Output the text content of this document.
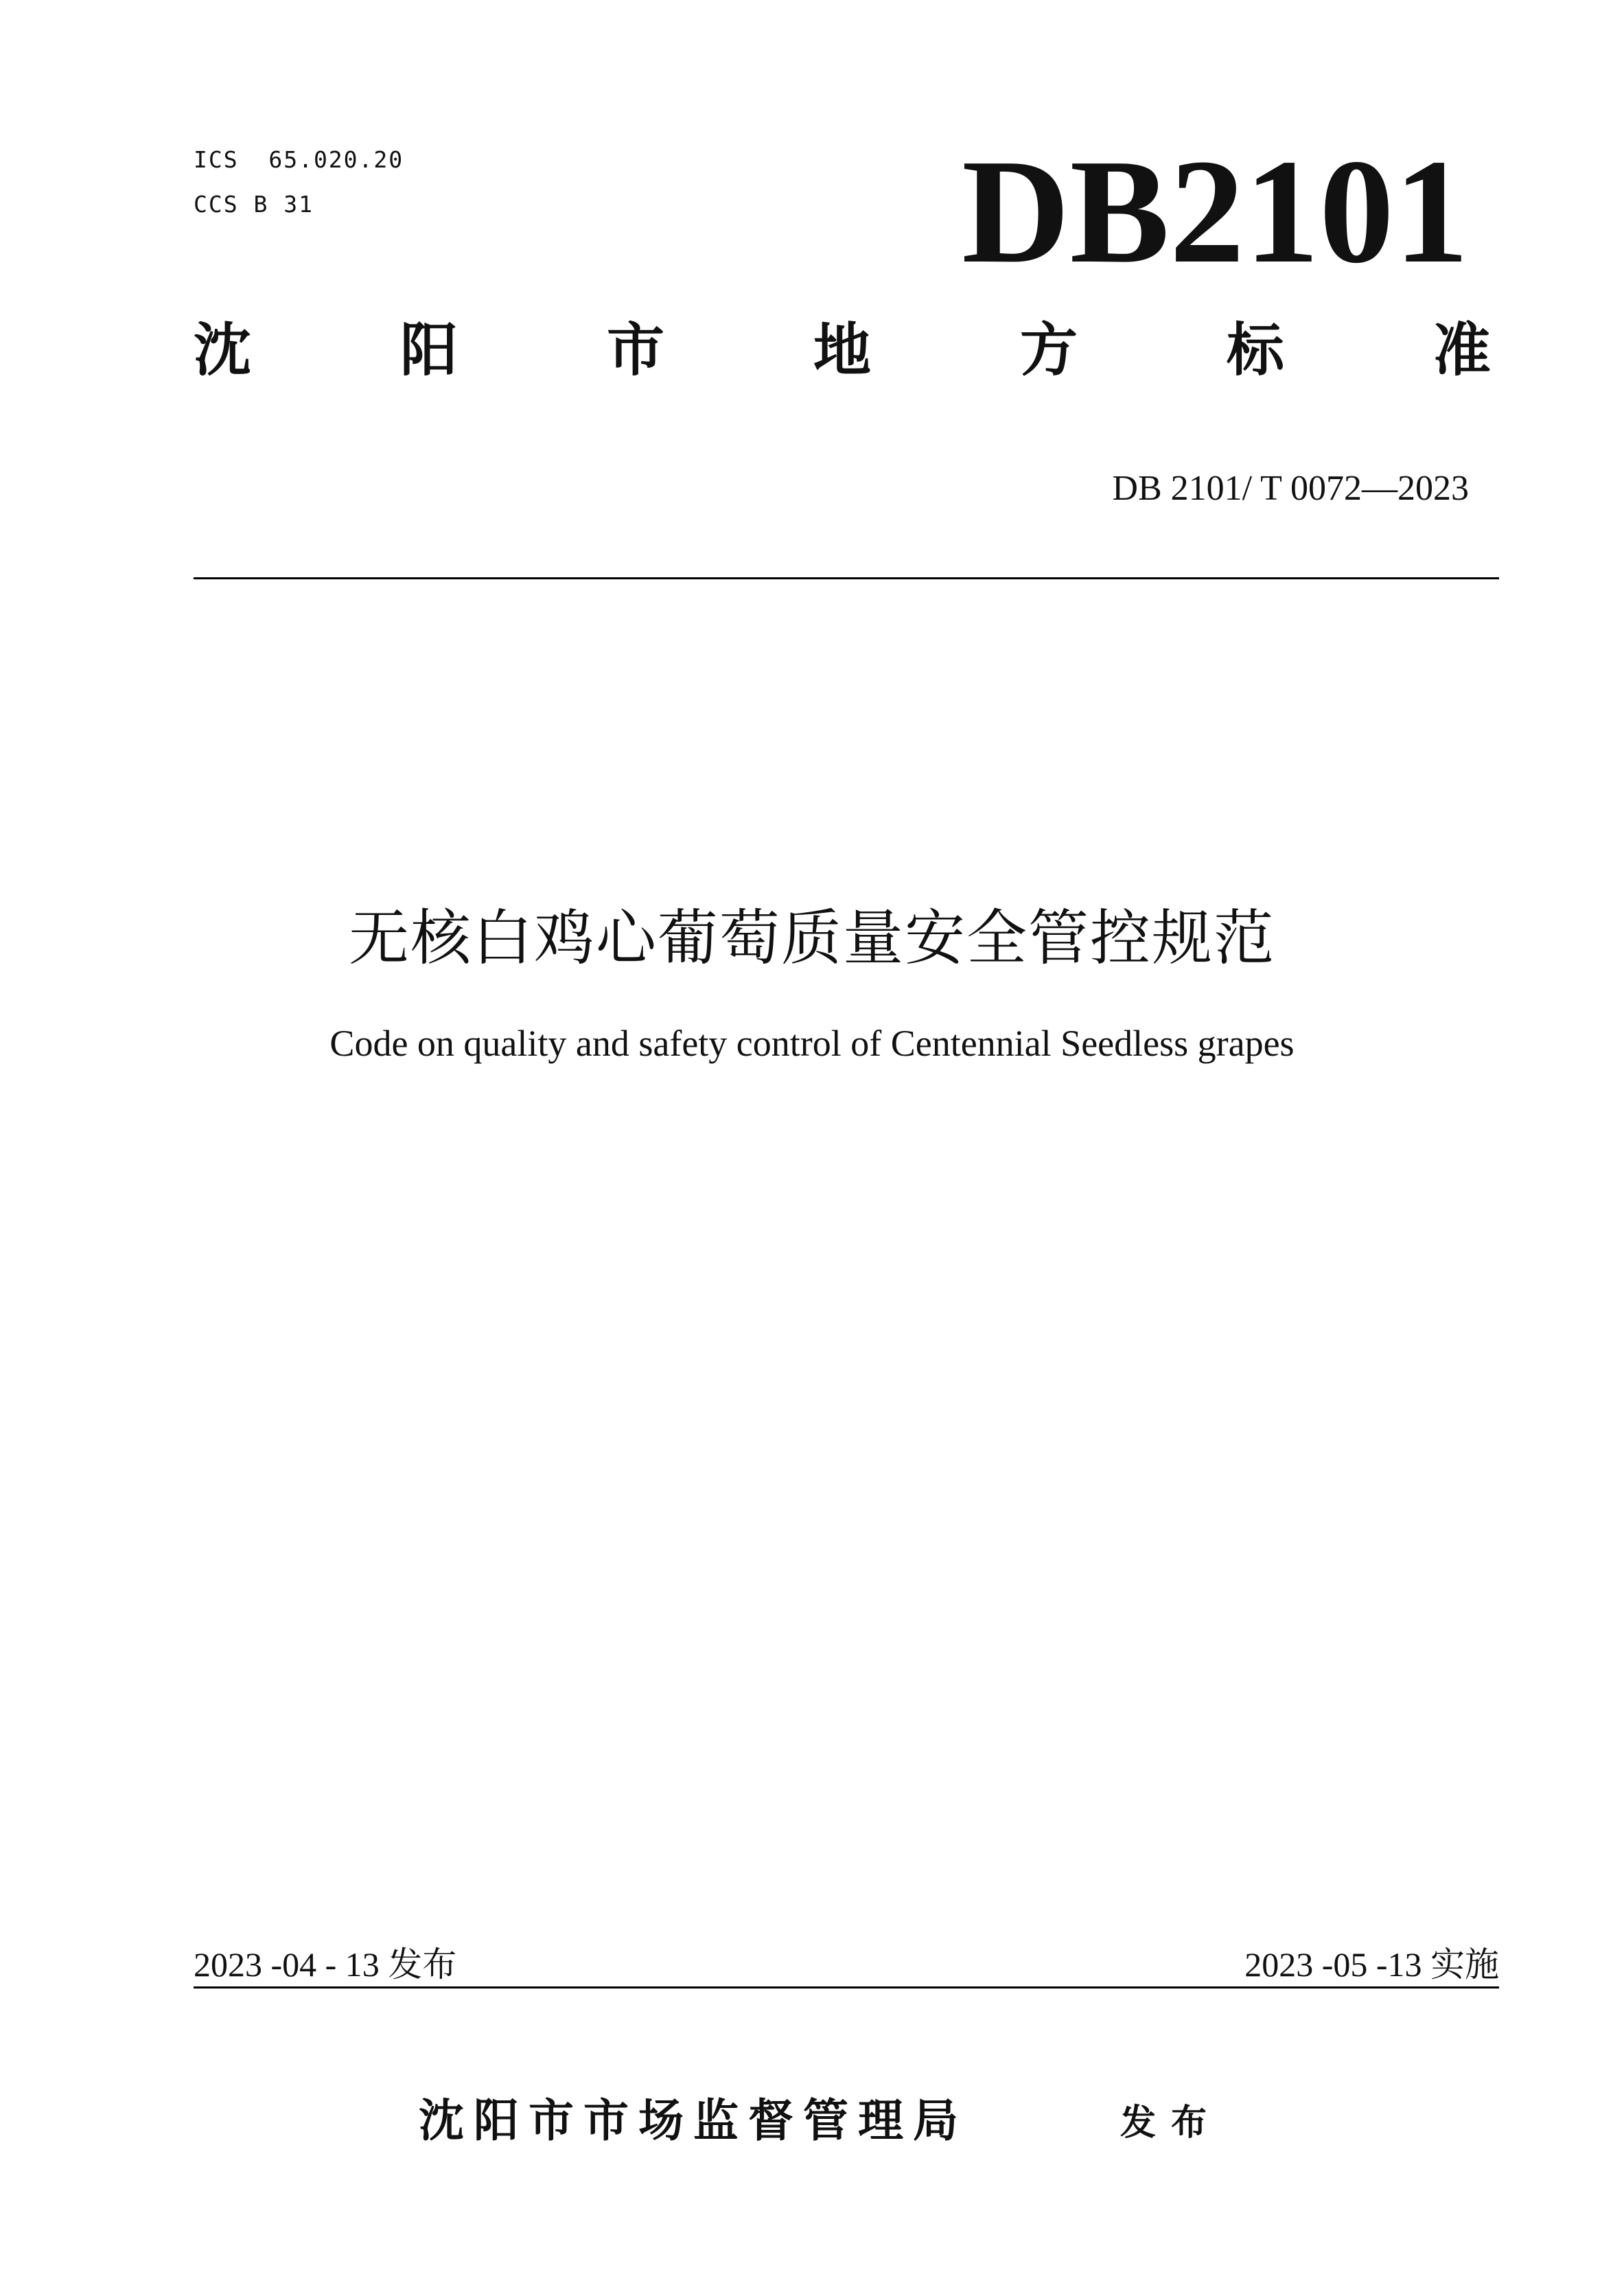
ICS  65.020.20
CCS B 31	DB2101
沈	阳	市	地	方	标	准
DB 2101/ T 0072—2023
无核白鸡心葡萄质量安全管控规范
Code on quality and safety control of Centennial Seedless grapes
2023 -04 - 13 发布	2023 -05 -13 实施
沈阳市市场监督管理局	发布
